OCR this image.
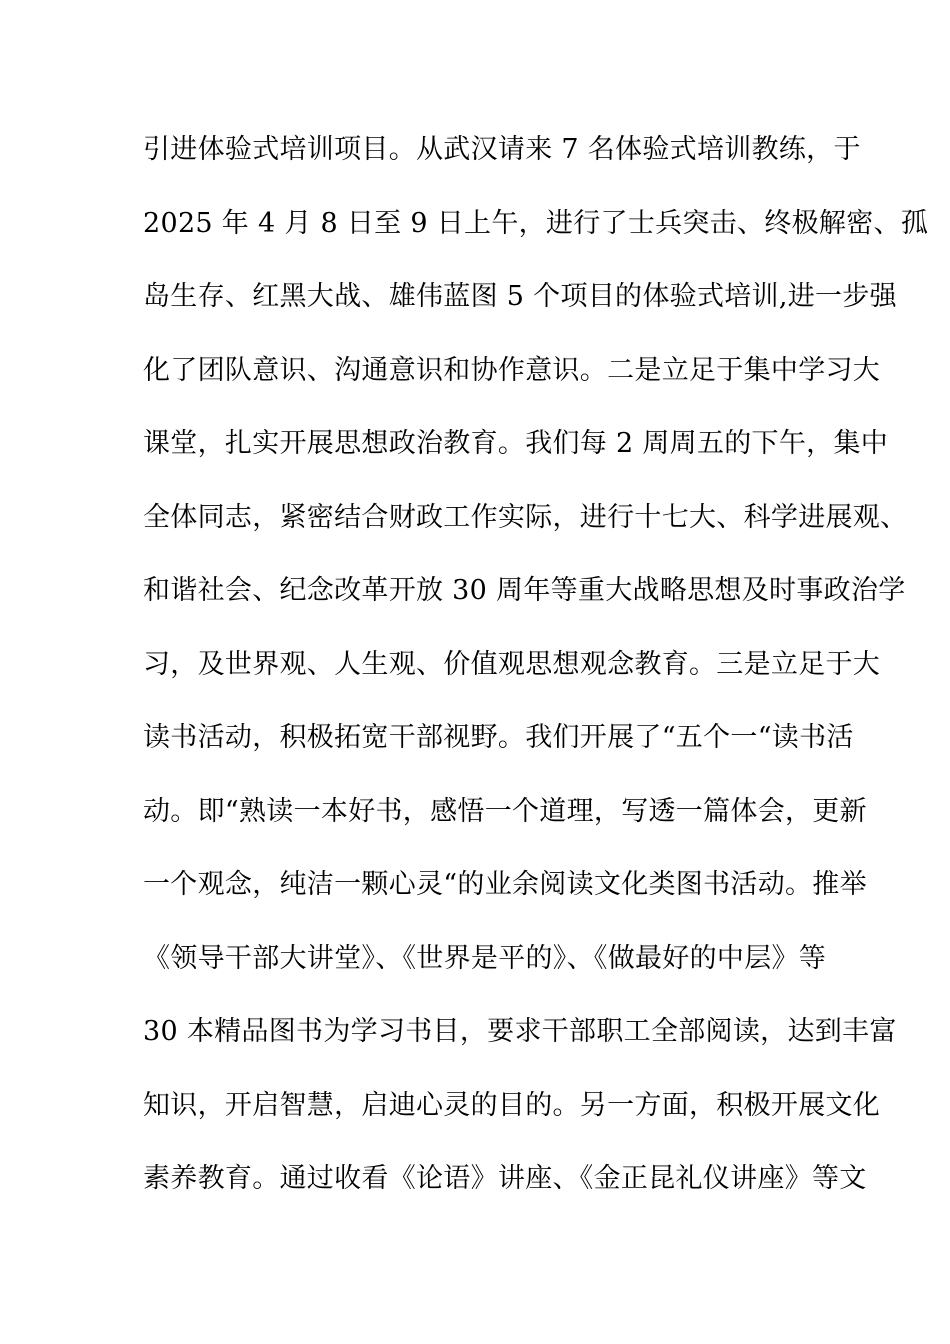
引进体验式培训项目。从武汉请来 7 名体验式培训教练，于
2025 年 4 月 8 日至 9 日上午，进行了士兵突击、终极解密、孤
岛生存、红黑大战、雄伟蓝图 5 个项目的体验式培训,进一步强
化了团队意识、沟通意识和协作意识。二是立足于集中学习大
课堂，扎实开展思想政治教育。我们每 2 周周五的下午，集中
全体同志，紧密结合财政工作实际，进行十七大、科学进展观、
和谐社会、纪念改革开放 30 周年等重大战略思想及时事政治学
习，及世界观、人生观、价值观思想观念教育。三是立足于大
读书活动，积极拓宽干部视野。我们开展了“五个一“读书活
动。即“熟读一本好书，感悟一个道理，写透一篇体会，更新
一个观念，纯洁一颗心灵“的业余阅读文化类图书活动。推举
《领导干部大讲堂》、《世界是平的》、《做最好的中层》等
30 本精品图书为学习书目，要求干部职工全部阅读，达到丰富
知识，开启智慧，启迪心灵的目的。另一方面，积极开展文化
素养教育。通过收看《论语》讲座、《金正昆礼仪讲座》等文
